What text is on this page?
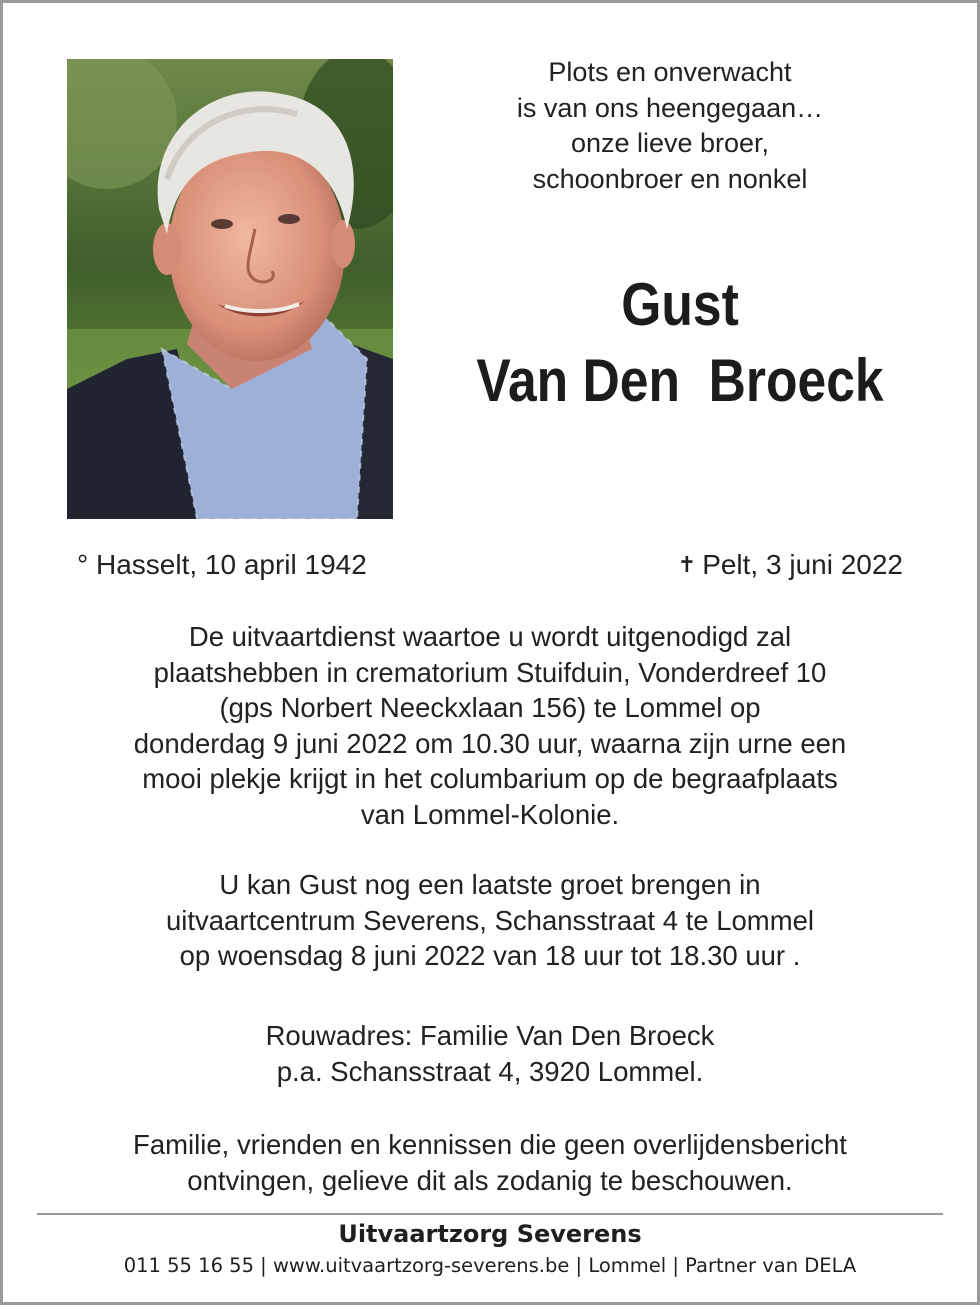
Plots en onverwacht
is van ons heengegaan…
onze lieve broer,
schoonbroer en nonkel
Gust
Van Den  Broeck
° Hasselt, 10 april 1942	✝ Pelt, 3 juni 2022
De uitvaartdienst waartoe u wordt uitgenodigd zal
plaatshebben in crematorium Stuifduin, Vonderdreef 10
(gps Norbert Neeckxlaan 156) te Lommel op
donderdag 9 juni 2022 om 10.30 uur, waarna zijn urne een
mooi plekje krijgt in het columbarium op de begraafplaats
van Lommel-Kolonie.
U kan Gust nog een laatste groet brengen in
uitvaartcentrum Severens, Schansstraat 4 te Lommel
op woensdag 8 juni 2022 van 18 uur tot 18.30 uur .
Rouwadres: Familie Van Den Broeck
p.a. Schansstraat 4, 3920 Lommel.
Familie, vrienden en kennissen die geen overlijdensbericht
ontvingen, gelieve dit als zodanig te beschouwen.
Uitvaartzorg Severens
011 55 16 55 | www.uitvaartzorg-severens.be | Lommel | Partner van DELA
